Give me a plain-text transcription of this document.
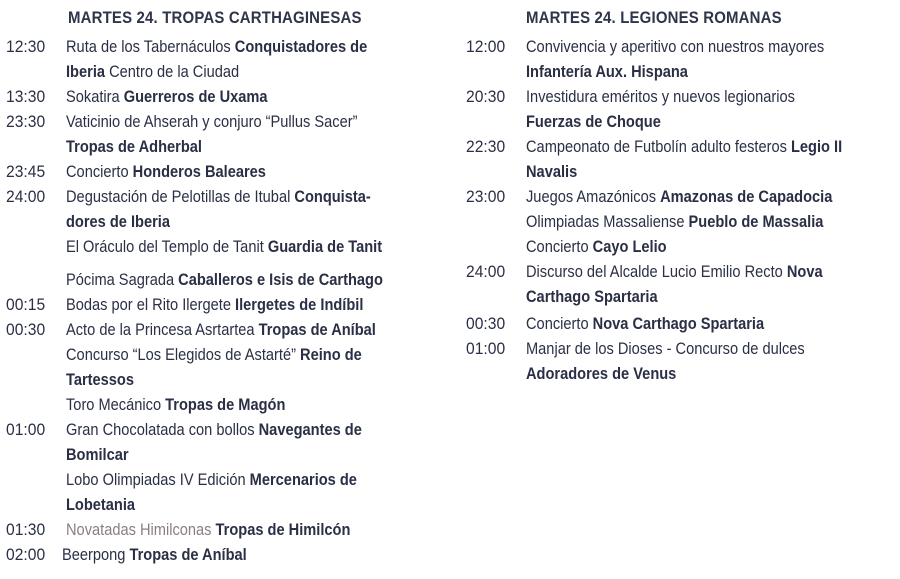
MARTES 24. TROPAS CARTHAGINESAS
12:30	Ruta de los Tabernáculos Conquistadores de
Iberia Centro de la Ciudad
13:30	Sokatira Guerreros de Uxama
23:30	Vaticinio de Ahserah y conjuro “Pullus Sacer”
Tropas de Adherbal
23:45	Concierto Honderos Baleares
24:00	Degustación de Pelotillas de Itubal Conquista-
dores de Iberia
El Oráculo del Templo de Tanit Guardia de Tanit
Pócima Sagrada Caballeros e Isis de Carthago
00:15	Bodas por el Rito Ilergete Ilergetes de Indíbil
00:30	Acto de la Princesa Asrtartea Tropas de Aníbal
Concurso “Los Elegidos de Astarté” Reino de
Tartessos
Toro Mecánico Tropas de Magón
01:00	Gran Chocolatada con bollos Navegantes de
Bomilcar
Lobo Olimpiadas IV Edición Mercenarios de
Lobetania
01:30	Novatadas Himilconas Tropas de Himilcón
02:00 Beerpong Tropas de Aníbal
MARTES 24. LEGIONES ROMANAS
12:00	Convivencia y aperitivo con nuestros mayores
Infantería Aux. Hispana
20:30	Investidura eméritos y nuevos legionarios
Fuerzas de Choque
22:30	Campeonato de Futbolín adulto festeros Legio II
Navalis
23:00	Juegos Amazónicos Amazonas de Capadocia
Olimpiadas Massaliense Pueblo de Massalia
Concierto Cayo Lelio
24:00	Discurso del Alcalde Lucio Emilio Recto Nova
Carthago Spartaria
00:30	Concierto Nova Carthago Spartaria
01:00	Manjar de los Dioses - Concurso de dulces
Adoradores de Venus
